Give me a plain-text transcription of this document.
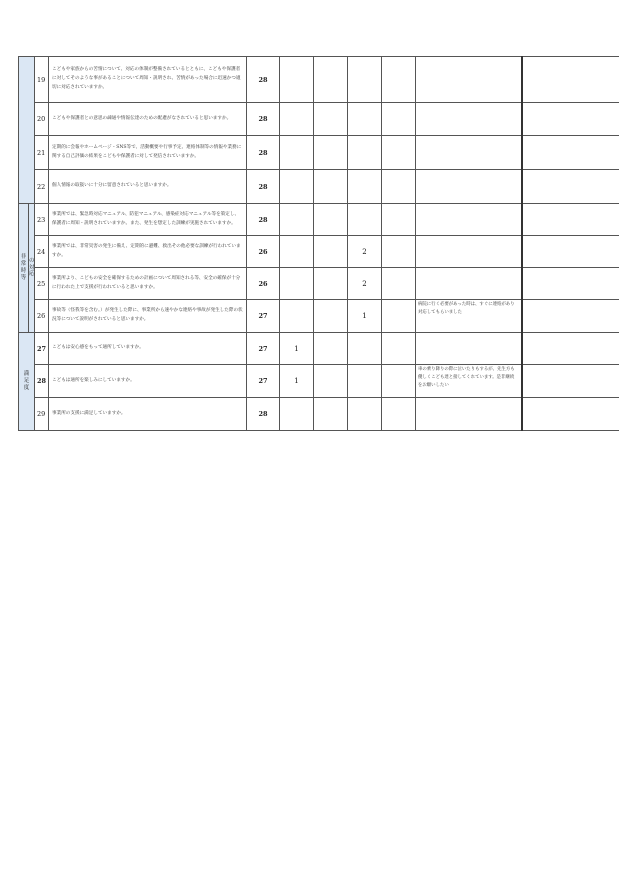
		19	こどもや家族からの苦情について、対応の体制が整備されているとともに、こどもや保護者に対してそのような事があることについて周知・説明され、苦情があった場合に迅速かつ適切に対応されていますか。	28						
		20	こどもや保護者との意思の疎通や情報伝達のための配慮がなされていると思いますか。	28						
		21	定期的に会報やホームページ・SNS等で、活動概要や行事予定、連絡体制等の情報や業務に関する自己評価の結果をこどもや保護者に対して発信されていますか。	28						
		22	個人情報の取扱いに十分に留意されていると思いますか。	28						

非
常
時
等	の 対 応	23	事業所では、緊急時対応マニュアル、防犯マニュアル、感染症対応マニュアル等を策定し、保護者に周知・説明されていますか。また、発生を想定した訓練が実施されていますか。	28						
		24	事業所では、非常災害の発生に備え、定期的に避難、救出その他必要な訓練が行われていますか。	26			2			
		25	事業所より、こどもの安全を確保するための計画について周知される等、安全の確保が十分に行われた上で支援が行われていると思いますか。	26			2			
		26	事故等（怪我等を含む。）が発生した際に、事業所から速やかな連絡や事故が発生した際の状況等について説明がされていると思いますか。	27			1		病院に行く必要があった時は、すぐに連絡があり対応してもらいました	

満
足
度		27	こどもは安心感をもって通所していますか。	27	1					
		28	こどもは通所を楽しみにしていますか。	27	1				車の乗り降りの際に泣いたりもするが、先生方も優しくこども達と接してくれています。是非継続をお願いしたい	
		29	事業所の支援に満足していますか。	28						
